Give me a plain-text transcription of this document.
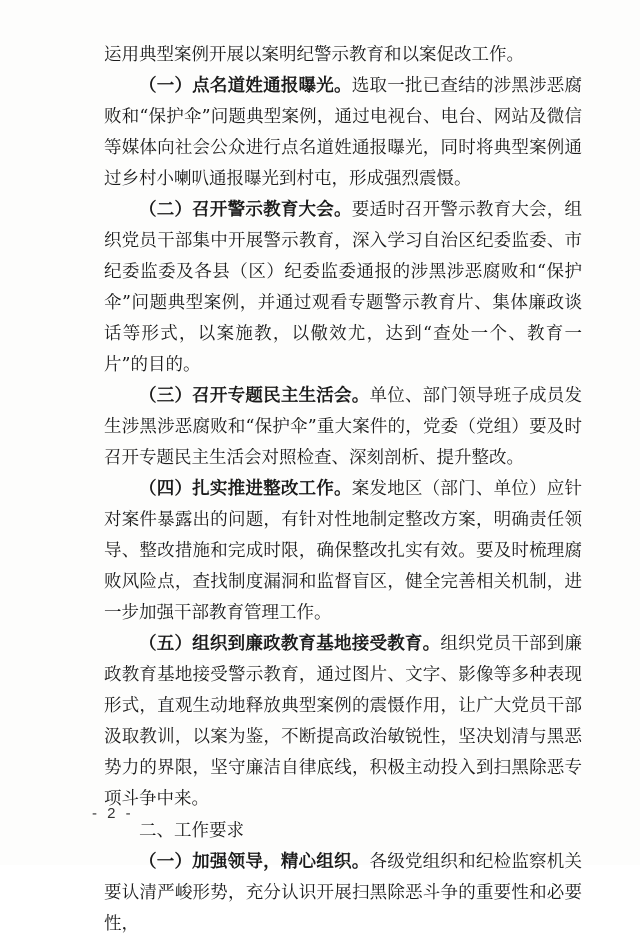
运用典型案例开展以案明纪警示教育和以案促改工作。

（一）点名道姓通报曝光。选取一批已查结的涉黑涉恶腐败和“保护伞”问题典型案例，通过电视台、电台、网站及微信等媒体向社会公众进行点名道姓通报曝光，同时将典型案例通过乡村小喇叭通报曝光到村屯，形成强烈震慑。

（二）召开警示教育大会。要适时召开警示教育大会，组织党员干部集中开展警示教育，深入学习自治区纪委监委、市纪委监委及各县（区）纪委监委通报的涉黑涉恶腐败和“保护伞”问题典型案例，并通过观看专题警示教育片、集体廉政谈话等形式，以案施教，以儆效尤，达到“查处一个、教育一片”的目的。

（三）召开专题民主生活会。单位、部门领导班子成员发生涉黑涉恶腐败和“保护伞”重大案件的，党委（党组）要及时召开专题民主生活会对照检查、深刻剖析、提升整改。

（四）扎实推进整改工作。案发地区（部门、单位）应针对案件暴露出的问题，有针对性地制定整改方案，明确责任领导、整改措施和完成时限，确保整改扎实有效。要及时梳理腐败风险点，查找制度漏洞和监督盲区，健全完善相关机制，进一步加强干部教育管理工作。

（五）组织到廉政教育基地接受教育。组织党员干部到廉政教育基地接受警示教育，通过图片、文字、影像等多种表现形式，直观生动地释放典型案例的震慑作用，让广大党员干部汲取教训，以案为鉴，不断提高政治敏锐性，坚决划清与黑恶势力的界限，坚守廉洁自律底线，积极主动投入到扫黑除恶专项斗争中来。

二、工作要求

（一）加强领导，精心组织。各级党组织和纪检监察机关要认清严峻形势，充分认识开展扫黑除恶斗争的重要性和必要性，

- 2 -
